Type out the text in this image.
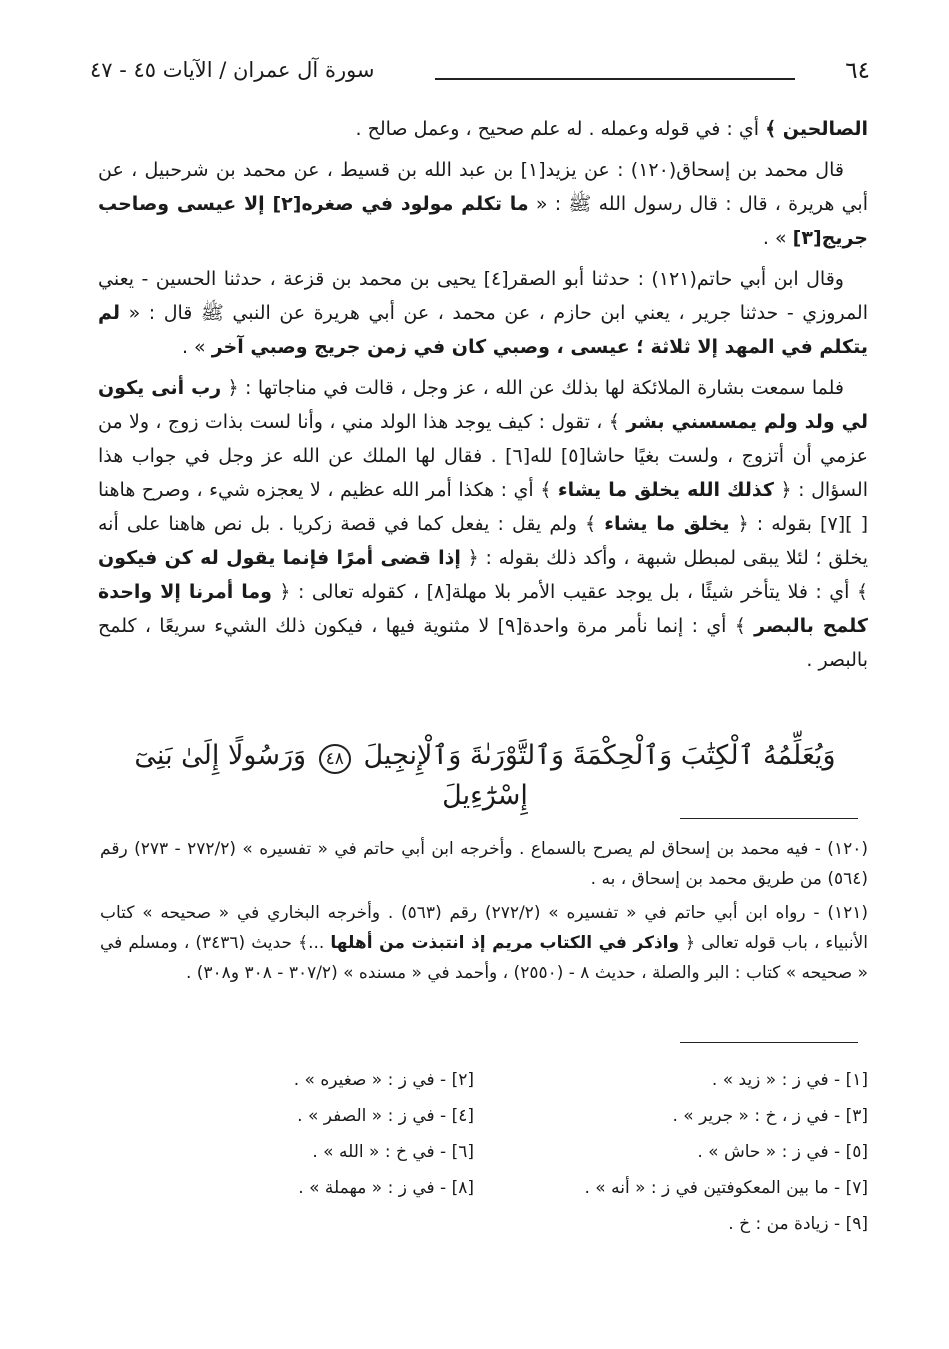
٦٤
سورة آل عمران / الآيات ٤٥ - ٤٧

الصالحين ﴾ أي : في قوله وعمله . له علم صحيح ، وعمل صالح .

قال محمد بن إسحاق(١٢٠) : عن يزيد[١] بن عبد الله بن قسيط ، عن محمد بن شرحبيل ، عن أبي هريرة ، قال : قال رسول الله ﷺ : « ما تكلم مولود في صغره[٢] إلا عيسى وصاحب جريج[٣] » .

وقال ابن أبي حاتم(١٢١) : حدثنا أبو الصقر[٤] يحيى بن محمد بن قزعة ، حدثنا الحسين - يعني المروزي - حدثنا جرير ، يعني ابن حازم ، عن محمد ، عن أبي هريرة عن النبي ﷺ قال : « لم يتكلم في المهد إلا ثلاثة ؛ عيسى ، وصبي كان في زمن جريج وصبي آخر » .

فلما سمعت بشارة الملائكة لها بذلك عن الله ، عز وجل ، قالت في مناجاتها : ﴿ رب أنى يكون لي ولد ولم يمسسني بشر ﴾ ، تقول : كيف يوجد هذا الولد مني ، وأنا لست بذات زوج ، ولا من عزمي أن أتزوج ، ولست بغيًا حاشا[٥] لله[٦] . فقال لها الملك عن الله عز وجل في جواب هذا السؤال : ﴿ كذلك الله يخلق ما يشاء ﴾ أي : هكذا أمر الله عظيم ، لا يعجزه شيء ، وصرح هاهنا [ ][٧] بقوله : ﴿ يخلق ما يشاء ﴾ ولم يقل : يفعل كما في قصة زكريا . بل نص هاهنا على أنه يخلق ؛ لئلا يبقى لمبطل شبهة ، وأكد ذلك بقوله : ﴿ إذا قضى أمرًا فإنما يقول له كن فيكون ﴾ أي : فلا يتأخر شيئًا ، بل يوجد عقيب الأمر بلا مهلة[٨] ، كقوله تعالى : ﴿ وما أمرنا إلا واحدة كلمح بالبصر ﴾ أي : إنما نأمر مرة واحدة[٩] لا مثنوية فيها ، فيكون ذلك الشيء سريعًا ، كلمح بالبصر .

وَيُعَلِّمُهُ ٱلْكِتَٰبَ وَٱلْحِكْمَةَ وَٱلتَّوْرَىٰةَ وَٱلْإِنجِيلَ ٤٨ وَرَسُولًا إِلَىٰ بَنِىٓ إِسْرَٰٓءِيلَ

(١٢٠) - فيه محمد بن إسحاق لم يصرح بالسماع . وأخرجه ابن أبي حاتم في « تفسيره » (٢٧٢/٢ - ٢٧٣) رقم (٥٦٤) من طريق محمد بن إسحاق ، به .

(١٢١) - رواه ابن أبي حاتم في « تفسيره » (٢٧٢/٢) رقم (٥٦٣) . وأخرجه البخاري في « صحيحه » كتاب الأنبياء ، باب قوله تعالى ﴿ واذكر في الكتاب مريم إذ انتبذت من أهلها ...﴾ حديث (٣٤٣٦) ، ومسلم في « صحيحه » كتاب : البر والصلة ، حديث ٨ - (٢٥٥٠) ، وأحمد في « مسنده » (٣٠٧/٢ - ٣٠٨ و٣٠٨) .

[١] - في ز : « زيد » .
[٢] - في ز : « صغيره » .
[٣] - في ز ، خ : « جرير » .
[٤] - في ز : « الصفر » .
[٥] - في ز : « حاش » .
[٦] - في خ : « الله » .
[٧] - ما بين المعكوفتين في ز : « أنه » .
[٨] - في ز : « مهملة » .
[٩] - زيادة من : خ .
